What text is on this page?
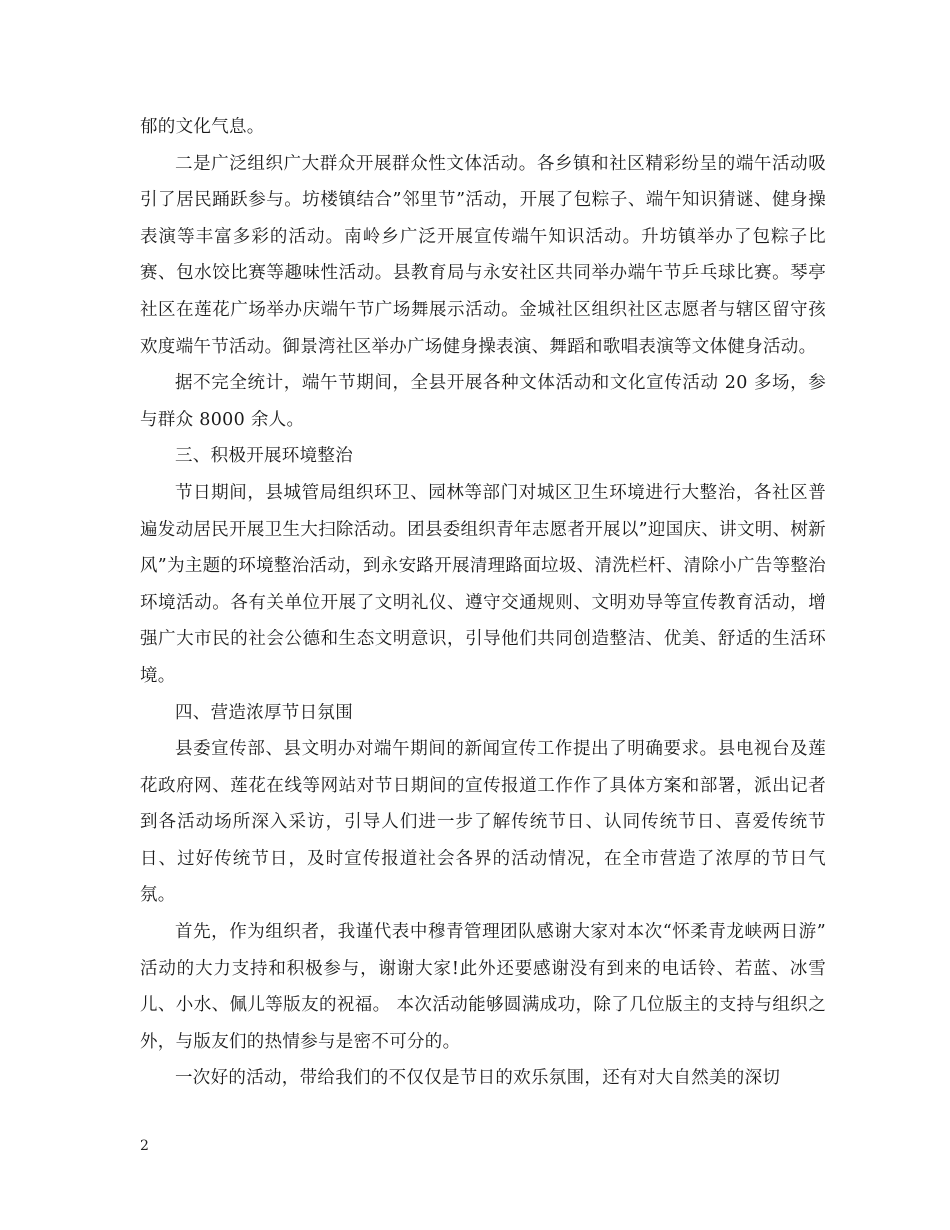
郁的文化气息。

二是广泛组织广大群众开展群众性文体活动。各乡镇和社区精彩纷呈的端午活动吸引了居民踊跃参与。坊楼镇结合”邻里节”活动，开展了包粽子、端午知识猜谜、健身操表演等丰富多彩的活动。南岭乡广泛开展宣传端午知识活动。升坊镇举办了包粽子比赛、包水饺比赛等趣味性活动。县教育局与永安社区共同举办端午节乒乓球比赛。琴亭社区在莲花广场举办庆端午节广场舞展示活动。金城社区组织社区志愿者与辖区留守孩欢度端午节活动。御景湾社区举办广场健身操表演、舞蹈和歌唱表演等文体健身活动。

据不完全统计，端午节期间，全县开展各种文体活动和文化宣传活动 20 多场，参与群众 8000 余人。

三、积极开展环境整治

节日期间，县城管局组织环卫、园林等部门对城区卫生环境进行大整治，各社区普遍发动居民开展卫生大扫除活动。团县委组织青年志愿者开展以”迎国庆、讲文明、树新风”为主题的环境整治活动，到永安路开展清理路面垃圾、清洗栏杆、清除小广告等整治环境活动。各有关单位开展了文明礼仪、遵守交通规则、文明劝导等宣传教育活动，增强广大市民的社会公德和生态文明意识，引导他们共同创造整洁、优美、舒适的生活环境。

四、营造浓厚节日氛围

县委宣传部、县文明办对端午期间的新闻宣传工作提出了明确要求。县电视台及莲花政府网、莲花在线等网站对节日期间的宣传报道工作作了具体方案和部署，派出记者到各活动场所深入采访，引导人们进一步了解传统节日、认同传统节日、喜爱传统节日、过好传统节日，及时宣传报道社会各界的活动情况，在全市营造了浓厚的节日气氛。

首先，作为组织者，我谨代表中穆青管理团队感谢大家对本次“怀柔青龙峡两日游” 活动的大力支持和积极参与，谢谢大家!此外还要感谢没有到来的电话铃、若蓝、冰雪儿、小水、佩儿等版友的祝福。 本次活动能够圆满成功，除了几位版主的支持与组织之外，与版友们的热情参与是密不可分的。

一次好的活动，带给我们的不仅仅是节日的欢乐氛围，还有对大自然美的深切

2
